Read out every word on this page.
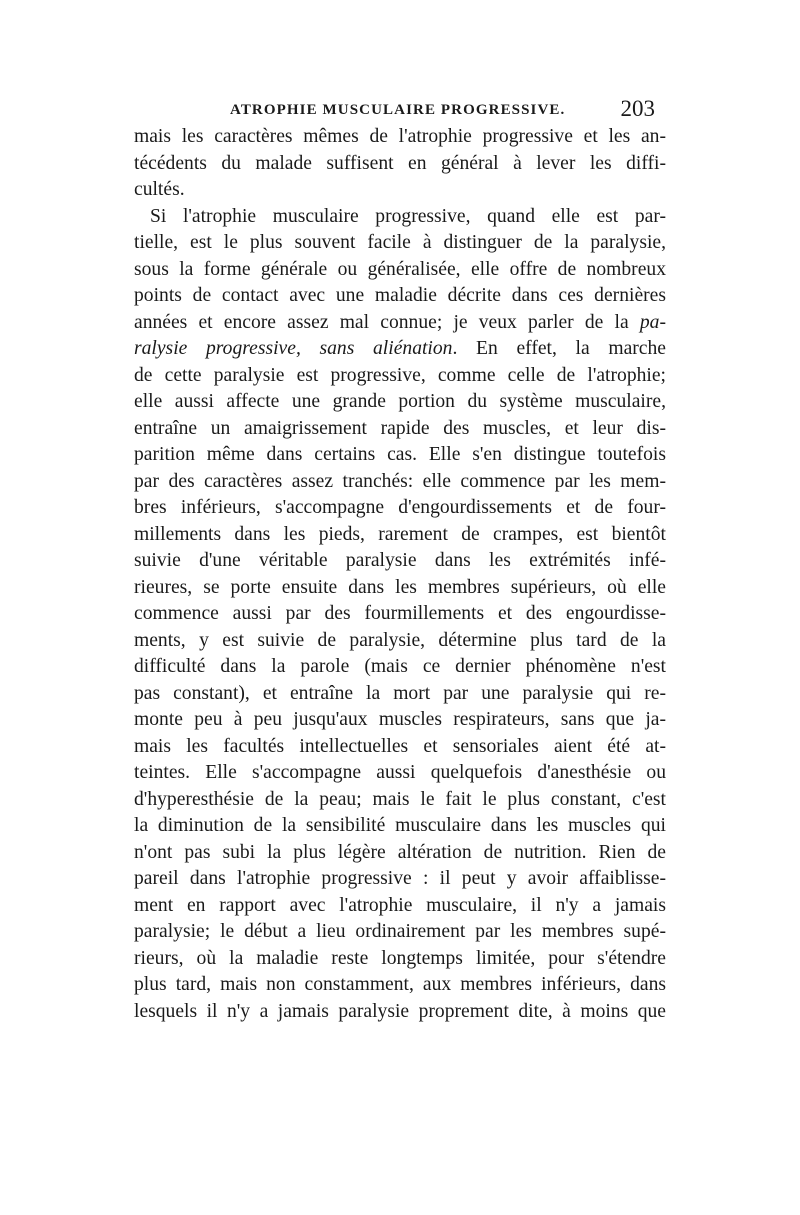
ATROPHIE MUSCULAIRE PROGRESSIVE. 203
mais les caractères mêmes de l'atrophie progressive et les an-
técédents du malade suffisent en général à lever les diffi-
cultés.
Si l'atrophie musculaire progressive, quand elle est par-
tielle, est le plus souvent facile à distinguer de la paralysie,
sous la forme générale ou généralisée, elle offre de nombreux
points de contact avec une maladie décrite dans ces dernières
années et encore assez mal connue; je veux parler de la pa-
ralysie progressive, sans aliénation. En effet, la marche
de cette paralysie est progressive, comme celle de l'atrophie;
elle aussi affecte une grande portion du système musculaire,
entraîne un amaigrissement rapide des muscles, et leur dis-
parition même dans certains cas. Elle s'en distingue toutefois
par des caractères assez tranchés: elle commence par les mem-
bres inférieurs, s'accompagne d'engourdissements et de four-
millements dans les pieds, rarement de crampes, est bientôt
suivie d'une véritable paralysie dans les extrémités infé-
rieures, se porte ensuite dans les membres supérieurs, où elle
commence aussi par des fourmillements et des engourdisse-
ments, y est suivie de paralysie, détermine plus tard de la
difficulté dans la parole (mais ce dernier phénomène n'est
pas constant), et entraîne la mort par une paralysie qui re-
monte peu à peu jusqu'aux muscles respirateurs, sans que ja-
mais les facultés intellectuelles et sensoriales aient été at-
teintes. Elle s'accompagne aussi quelquefois d'anesthésie ou
d'hyperesthésie de la peau; mais le fait le plus constant, c'est
la diminution de la sensibilité musculaire dans les muscles qui
n'ont pas subi la plus légère altération de nutrition. Rien de
pareil dans l'atrophie progressive : il peut y avoir affaiblisse-
ment en rapport avec l'atrophie musculaire, il n'y a jamais
paralysie; le début a lieu ordinairement par les membres supé-
rieurs, où la maladie reste longtemps limitée, pour s'étendre
plus tard, mais non constamment, aux membres inférieurs, dans
lesquels il n'y a jamais paralysie proprement dite, à moins que
